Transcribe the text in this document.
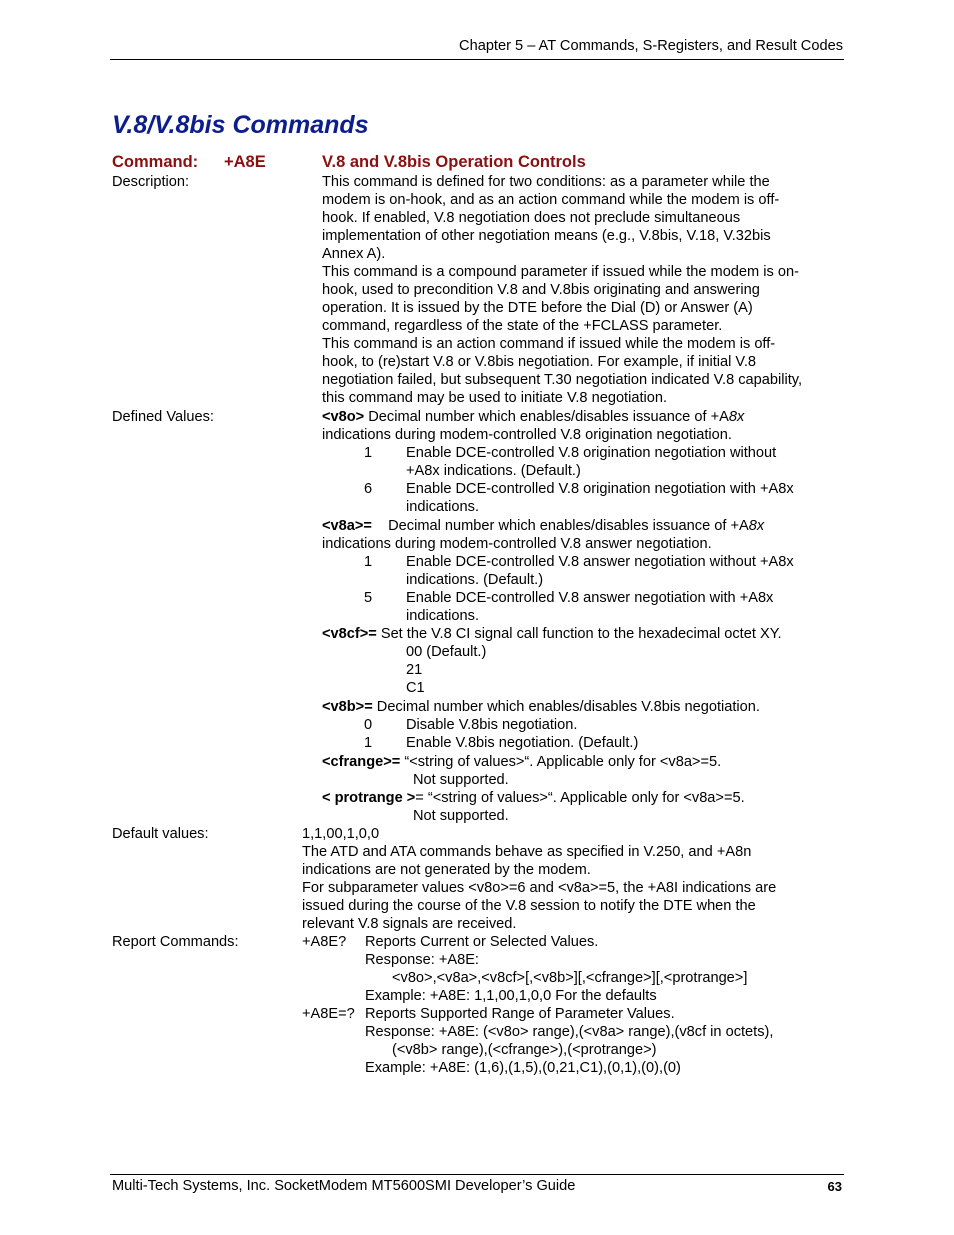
Chapter 5 – AT Commands, S-Registers, and Result Codes
V.8/V.8bis Commands
Command: +A8E	V.8 and V.8bis Operation Controls
Description:	This command is defined for two conditions: as a parameter while the
modem is on-hook, and as an action command while the modem is off-
hook. If enabled, V.8 negotiation does not preclude simultaneous
implementation of other negotiation means (e.g., V.8bis, V.18, V.32bis
Annex A).
This command is a compound parameter if issued while the modem is on-
hook, used to precondition V.8 and V.8bis originating and answering
operation. It is issued by the DTE before the Dial (D) or Answer (A)
command, regardless of the state of the +FCLASS parameter.
This command is an action command if issued while the modem is off-
hook, to (re)start V.8 or V.8bis negotiation. For example, if initial V.8
negotiation failed, but subsequent T.30 negotiation indicated V.8 capability,
this command may be used to initiate V.8 negotiation.
Defined Values:	<v8o> Decimal number which enables/disables issuance of +A8x
indications during modem-controlled V.8 origination negotiation.
1 Enable DCE-controlled V.8 origination negotiation without
+A8x indications. (Default.)
6 Enable DCE-controlled V.8 origination negotiation with +A8x
indications.
<v8a>=    Decimal number which enables/disables issuance of +A8x
indications during modem-controlled V.8 answer negotiation.
1 Enable DCE-controlled V.8 answer negotiation without +A8x
indications. (Default.)
5 Enable DCE-controlled V.8 answer negotiation with +A8x
indications.
<v8cf>= Set the V.8 CI signal call function to the hexadecimal octet XY.
00 (Default.)
21
C1
<v8b>= Decimal number which enables/disables V.8bis negotiation.
0 Disable V.8bis negotiation.
1 Enable V.8bis negotiation. (Default.)
<cfrange>= “<string of values>“. Applicable only for <v8a>=5.
Not supported.
< protrange >= “<string of values>“. Applicable only for <v8a>=5.
Not supported.
Default values:	1,1,00,1,0,0
The ATD and ATA commands behave as specified in V.250, and +A8n
indications are not generated by the modem.
For subparameter values <v8o>=6 and <v8a>=5, the +A8I indications are
issued during the course of the V.8 session to notify the DTE when the
relevant V.8 signals are received.
Report Commands:	+A8E? Reports Current or Selected Values.
Response: +A8E:
<v8o>,<v8a>,<v8cf>[,<v8b>][,<cfrange>][,<protrange>]
Example: +A8E: 1,1,00,1,0,0 For the defaults
+A8E=? Reports Supported Range of Parameter Values.
Response: +A8E: (<v8o> range),(<v8a> range),(v8cf in octets),
(<v8b> range),(<cfrange>),(<protrange>)
Example: +A8E: (1,6),(1,5),(0,21,C1),(0,1),(0),(0)
Multi-Tech Systems, Inc. SocketModem MT5600SMI Developer’s Guide	63
